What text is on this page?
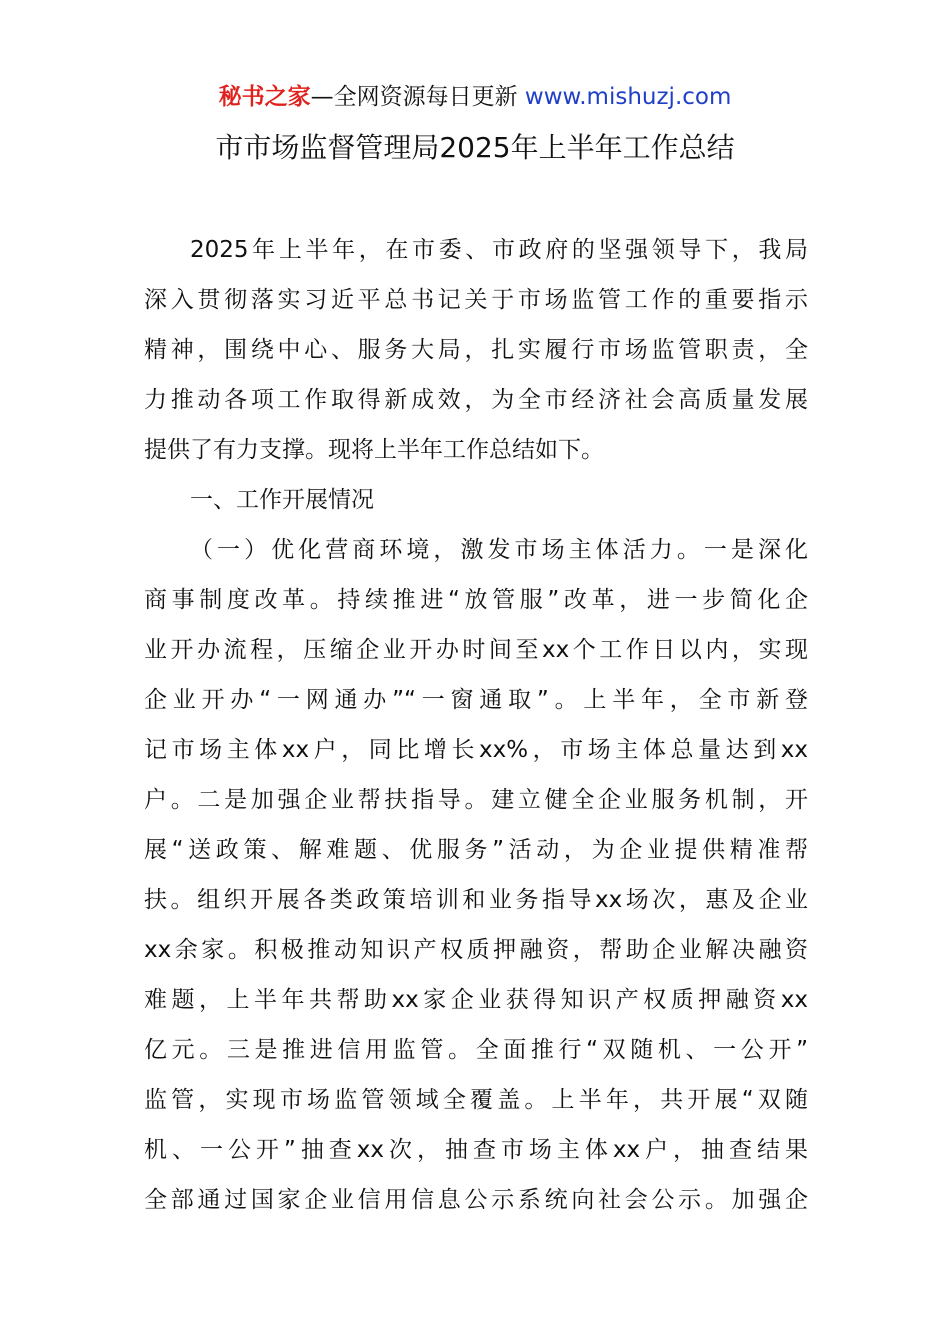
秘书之家—全网资源每日更新 www.mishuzj.com
市市场监督管理局2025年上半年工作总结
2025年上半年，在市委、市政府的坚强领导下，我局
深入贯彻落实习近平总书记关于市场监管工作的重要指示
精神，围绕中心、服务大局，扎实履行市场监管职责，全
力推动各项工作取得新成效，为全市经济社会高质量发展
提供了有力支撑。现将上半年工作总结如下。
一、工作开展情况
（一）优化营商环境，激发市场主体活力。一是深化
商事制度改革。持续推进“放管服”改革，进一步简化企
业开办流程，压缩企业开办时间至xx个工作日以内，实现
企业开办“一网通办”“一窗通取”。上半年，全市新登
记市场主体xx户，同比增长xx%，市场主体总量达到xx
户。二是加强企业帮扶指导。建立健全企业服务机制，开
展“送政策、解难题、优服务”活动，为企业提供精准帮
扶。组织开展各类政策培训和业务指导xx场次，惠及企业
xx余家。积极推动知识产权质押融资，帮助企业解决融资
难题，上半年共帮助xx家企业获得知识产权质押融资xx
亿元。三是推进信用监管。全面推行“双随机、一公开”
监管，实现市场监管领域全覆盖。上半年，共开展“双随
机、一公开”抽查xx次，抽查市场主体xx户，抽查结果
全部通过国家企业信用信息公示系统向社会公示。加强企
